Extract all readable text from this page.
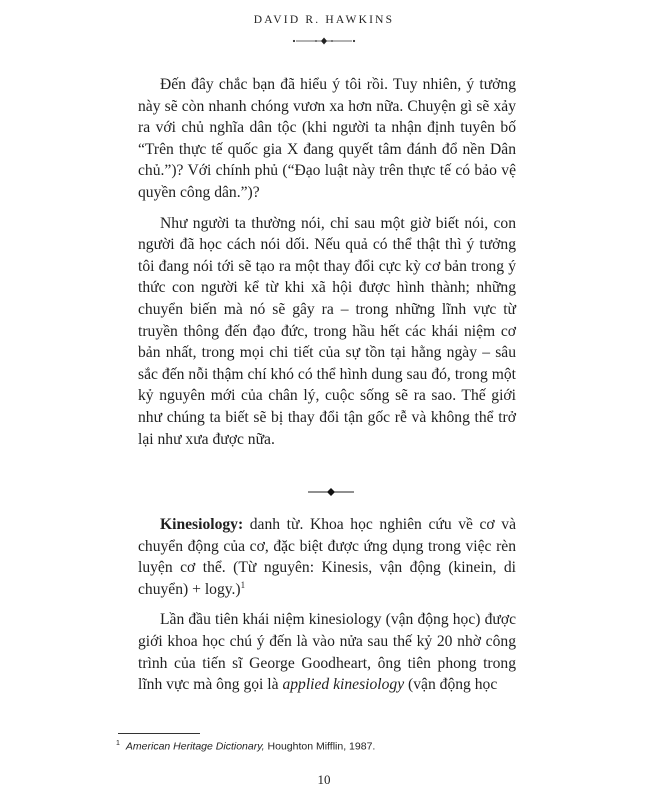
DAVID R. HAWKINS

Đến đây chắc bạn đã hiểu ý tôi rồi. Tuy nhiên, ý tưởng này sẽ còn nhanh chóng vươn xa hơn nữa. Chuyện gì sẽ xảy ra với chủ nghĩa dân tộc (khi người ta nhận định tuyên bố “Trên thực tế quốc gia X đang quyết tâm đánh đổ nền Dân chủ.”)? Với chính phủ (“Đạo luật này trên thực tế có bảo vệ quyền công dân.”)?

Như người ta thường nói, chỉ sau một giờ biết nói, con người đã học cách nói dối. Nếu quả có thể thật thì ý tưởng tôi đang nói tới sẽ tạo ra một thay đổi cực kỳ cơ bản trong ý thức con người kể từ khi xã hội được hình thành; những chuyển biến mà nó sẽ gây ra – trong những lĩnh vực từ truyền thông đến đạo đức, trong hầu hết các khái niệm cơ bản nhất, trong mọi chi tiết của sự tồn tại hằng ngày – sâu sắc đến nỗi thậm chí khó có thể hình dung sau đó, trong một kỷ nguyên mới của chân lý, cuộc sống sẽ ra sao. Thế giới như chúng ta biết sẽ bị thay đổi tận gốc rễ và không thể trở lại như xưa được nữa.

Kinesiology: danh từ. Khoa học nghiên cứu về cơ và chuyển động của cơ, đặc biệt được ứng dụng trong việc rèn luyện cơ thể. (Từ nguyên: Kinesis, vận động (kinein, di chuyển) + logy.)$^1$

Lần đầu tiên khái niệm kinesiology (vận động học) được giới khoa học chú ý đến là vào nửa sau thế kỷ 20 nhờ công trình của tiến sĩ George Goodheart, ông tiên phong trong lĩnh vực mà ông gọi là applied kinesiology (vận động học

$^1$ American Heritage Dictionary, Houghton Mifflin, 1987.
10
